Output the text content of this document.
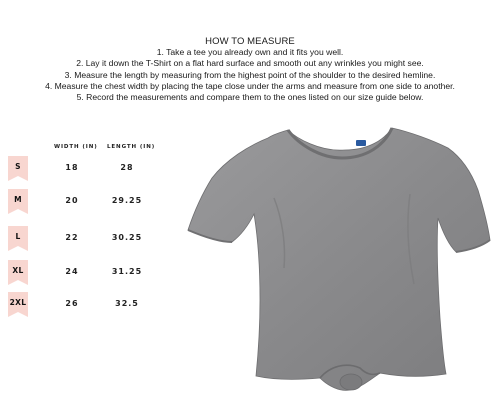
HOW TO MEASURE

1. Take a tee you already own and it fits you well.

2. Lay it down the T-Shirt on a flat hard surface and smooth out any wrinkles you might see.

3. Measure the length by measuring from the highest point of the shoulder to the desired hemline.

4. Measure the chest width by placing the tape close under the arms and measure from one side to another.

5. Record the measurements and compare them to the ones listed on our size guide below.

WIDTH (IN) LENGTH (IN)
S	18	28
M	20	29.25
L	22	30.25
XL	24	31.25
2XL	26	32.5
